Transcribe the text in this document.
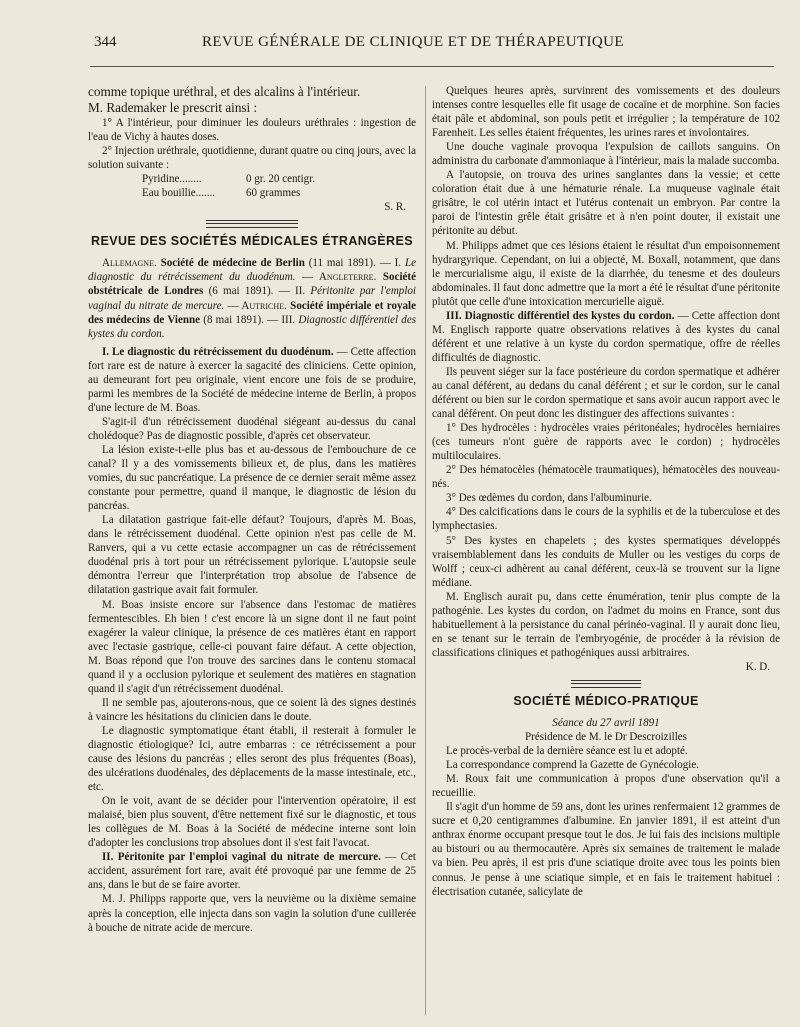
344	REVUE GÉNÉRALE DE CLINIQUE ET DE THÉRAPEUTIQUE

comme topique uréthral, et des alcalins à l'intérieur.

M. Rademaker le prescrit ainsi :

1° A l'intérieur, pour diminuer les douleurs uréthrales : ingestion de l'eau de Vichy à hautes doses.

2° Injection uréthrale, quotidienne, durant quatre ou cinq jours, avec la solution suivante :

Pyridine........	0 gr. 20 centigr.
Eau bouillie.......	60 grammes
S. R.
REVUE DES SOCIÉTÉS MÉDICALES ÉTRANGÈRES

Allemagne. Société de médecine de Berlin (11 mai 1891). — I. Le diagnostic du rétrécissement du duodénum. — Angleterre. Société obstétricale de Londres (6 mai 1891). — II. Péritonite par l'emploi vaginal du nitrate de mercure. — Autriche. Société impériale et royale des médecins de Vienne (8 mai 1891). — III. Diagnostic différentiel des kystes du cordon.

I. Le diagnostic du rétrécissement du duodénum. — Cette affection fort rare est de nature à exercer la sagacité des cliniciens. Cette opinion, au demeurant fort peu originale, vient encore une fois de se produire, parmi les membres de la Société de médecine interne de Berlin, à propos d'une lecture de M. Boas.

S'agit-il d'un rétrécissement duodénal siégeant au-dessus du canal cholédoque? Pas de diagnostic possible, d'après cet observateur.

La lésion existe-t-elle plus bas et au-dessous de l'embouchure de ce canal? Il y a des vomissements bilieux et, de plus, dans les matières vomies, du suc pancréatique. La présence de ce dernier serait même assez constante pour permettre, quand il manque, le diagnostic de lésion du pancréas.

La dilatation gastrique fait-elle défaut? Toujours, d'après M. Boas, dans le rétrécissement duodénal. Cette opinion n'est pas celle de M. Ranvers, qui a vu cette ectasie accompagner un cas de rétrécissement duodénal pris à tort pour un rétrécissement pylorique. L'autopsie seule démontra l'erreur que l'interprétation trop absolue de l'absence de dilatation gastrique avait fait formuler.

M. Boas insiste encore sur l'absence dans l'estomac de matières fermentescibles. Eh bien ! c'est encore là un signe dont il ne faut point exagérer la valeur clinique, la présence de ces matières étant en rapport avec l'ectasie gastrique, celle-ci pouvant faire défaut. A cette objection, M. Boas répond que l'on trouve des sarcines dans le contenu stomacal quand il y a occlusion pylorique et seulement des matières en stagnation quand il s'agit d'un rétrécissement duodénal.

Il ne semble pas, ajouterons-nous, que ce soient là des signes destinés à vaincre les hésitations du clinicien dans le doute.

Le diagnostic symptomatique étant établi, il resterait à formuler le diagnostic étiologique? Ici, autre embarras : ce rétrécissement a pour cause des lésions du pancréas ; elles seront des plus fréquentes (Boas), des ulcérations duodénales, des déplacements de la masse intestinale, etc., etc.

On le voit, avant de se décider pour l'intervention opératoire, il est malaisé, bien plus souvent, d'être nettement fixé sur le diagnostic, et tous les collègues de M. Boas à la Société de médecine interne sont loin d'adopter les conclusions trop absolues dont il s'est fait l'avocat.

II. Péritonite par l'emploi vaginal du nitrate de mercure. — Cet accident, assurément fort rare, avait été provoqué par une femme de 25 ans, dans le but de se faire avorter.

M. J. Philipps rapporte que, vers la neuvième ou la dixième semaine après la conception, elle injecta dans son vagin la solution d'une cuillerée à bouche de nitrate acide de mercure.

Quelques heures après, survinrent des vomissements et des douleurs intenses contre lesquelles elle fit usage de cocaïne et de morphine. Son facies était pâle et abdominal, son pouls petit et irrégulier ; la température de 102 Farenheit. Les selles étaient fréquentes, les urines rares et involontaires.

Une douche vaginale provoqua l'expulsion de caillots sanguins. On administra du carbonate d'ammoniaque à l'intérieur, mais la malade succomba.

A l'autopsie, on trouva des urines sanglantes dans la vessie; et cette coloration était due à une hématurie rénale. La muqueuse vaginale était grisâtre, le col utérin intact et l'utérus contenait un embryon. Par contre la paroi de l'intestin grêle était grisâtre et à n'en point douter, il existait une péritonite au début.

M. Philipps admet que ces lésions étaient le résultat d'un empoisonnement hydrargyrique. Cependant, on lui a objecté, M. Boxall, notamment, que dans le mercurialisme aigu, il existe de la diarrhée, du tenesme et des douleurs abdominales. Il faut donc admettre que la mort a été le résultat d'une péritonite plutôt que celle d'une intoxication mercurielle aiguë.

III. Diagnostic différentiel des kystes du cordon. — Cette affection dont M. Englisch rapporte quatre observations relatives à des kystes du canal déférent et une relative à un kyste du cordon spermatique, offre de réelles difficultés de diagnostic.

Ils peuvent siéger sur la face postérieure du cordon spermatique et adhérer au canal déférent, au dedans du canal déférent ; et sur le cordon, sur le canal déférent ou bien sur le cordon spermatique et sans avoir aucun rapport avec le canal déférent. On peut donc les distinguer des affections suivantes :

1° Des hydrocèles : hydrocèles vraies péritonéales; hydrocèles herniaires (ces tumeurs n'ont guère de rapports avec le cordon) ; hydrocèles multiloculaires.

2° Des hématocèles (hématocèle traumatiques), hématocèles des nouveau-nés.

3° Des œdèmes du cordon, dans l'albuminurie.

4° Des calcifications dans le cours de la syphilis et de la tuberculose et des lymphectasies.

5° Des kystes en chapelets ; des kystes spermatiques développés vraisemblablement dans les conduits de Muller ou les vestiges du corps de Wolff ; ceux-ci adhèrent au canal déférent, ceux-là se trouvent sur la ligne médiane.

M. Englisch aurait pu, dans cette énumération, tenir plus compte de la pathogénie. Les kystes du cordon, on l'admet du moins en France, sont dus habituellement à la persistance du canal périnéo-vaginal. Il y aurait donc lieu, en se tenant sur le terrain de l'embryogénie, de procéder à la révision de classifications cliniques et pathogéniques aussi arbitraires.

K. D.
SOCIÉTÉ MÉDICO-PRATIQUE
Séance du 27 avril 1891
Présidence de M. le Dr Descroizilles

Le procès-verbal de la dernière séance est lu et adopté.

La correspondance comprend la Gazette de Gynécologie.

M. Roux fait une communication à propos d'une observation qu'il a recueillie.

Il s'agit d'un homme de 59 ans, dont les urines renfermaient 12 grammes de sucre et 0,20 centigrammes d'albumine. En janvier 1891, il est atteint d'un anthrax énorme occupant presque tout le dos. Je lui fais des incisions multiple au bistouri ou au thermocautère. Après six semaines de traitement le malade va bien. Peu après, il est pris d'une sciatique droite avec tous les points bien connus. Je pense à une sciatique simple, et en fais le traitement habituel : électrisation cutanée, salicylate de
